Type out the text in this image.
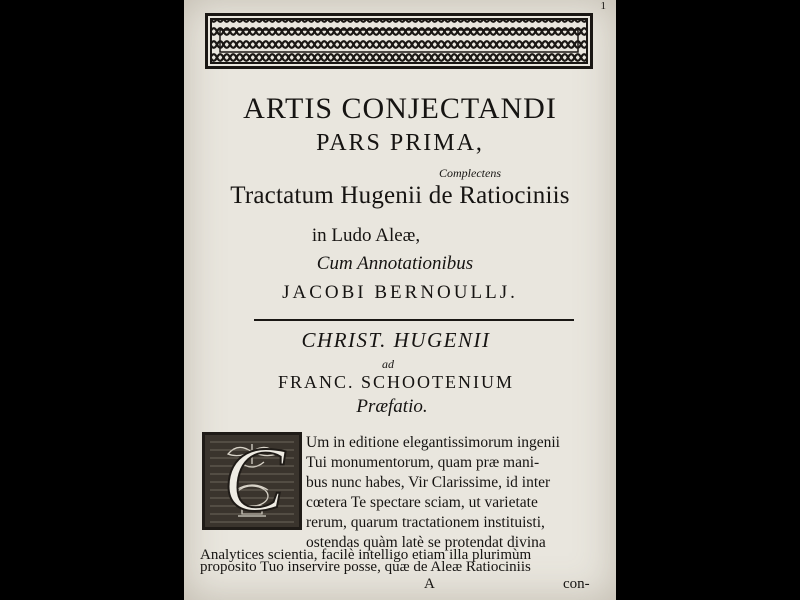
1
ARTIS CONJECTANDI
PARS PRIMA,
Complectens
Tractatum Hugenii de Ratiociniis
in Ludo Aleæ,
Cum Annotationibus
JACOBI BERNOULLJ.
CHRIST. HUGENII
ad
FRANC. SCHOOTENIUM
Præfatio.
C Um in editione elegantissimorum ingenii
Tui monumentorum, quam præ mani-
bus nunc habes, Vir Clarissime, id inter
cœtera Te spectare sciam, ut varietate
rerum, quarum tractationem instituisti,
ostendas quàm latè se protendat divina
Analytices scientia, facilè intelligo etiam illa plurimùm
proposito Tuo inservire posse, quæ de Aleæ Ratiociniis
A	con-
